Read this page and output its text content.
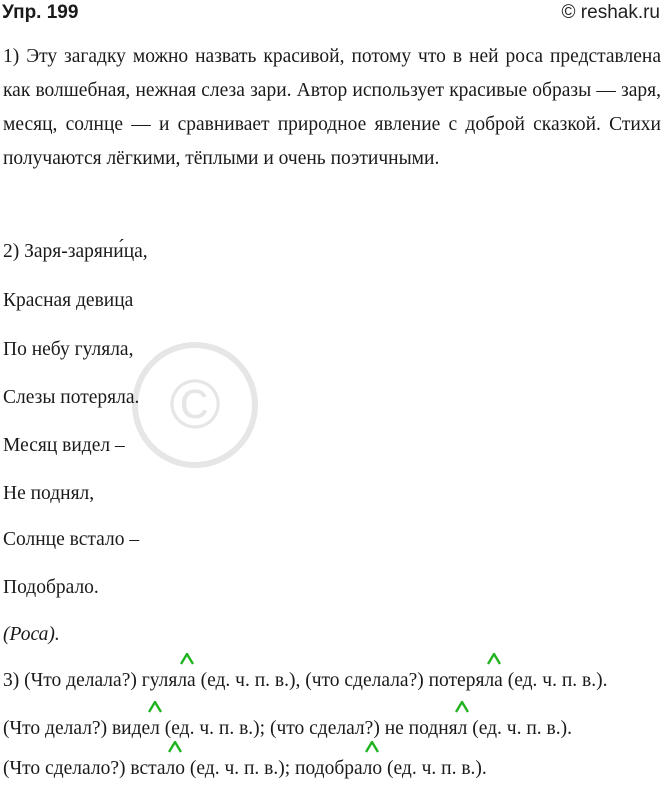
Упр. 199	© reshak.ru

1) Эту загадку можно назвать красивой, потому что в ней роса представлена как волшебная, нежная слеза зари. Автор использует красивые образы — заря, месяц, солнце — и сравнивает природное явление с доброй сказкой. Стихи получаются лёгкими, тёплыми и очень поэтичными.

©
2) Заря-заряни́ца,
Красная девица
По небу гуляла,
Слезы потеряла.
Месяц видел –
Не поднял,
Солнце встало –
Подобрало.
(Роса).
3) (Что делала?) гуля
ла (ед. ч. п. в.), (что сделала?) потеря
ла (ед. ч. п. в.).
(Что делал?) виде
л (ед. ч. п. в.); (что сделал?) не подня
л (ед. ч. п. в.).
(Что сделало?) вста
ло (ед. ч. п. в.); подобра
ло (ед. ч. п. в.).
